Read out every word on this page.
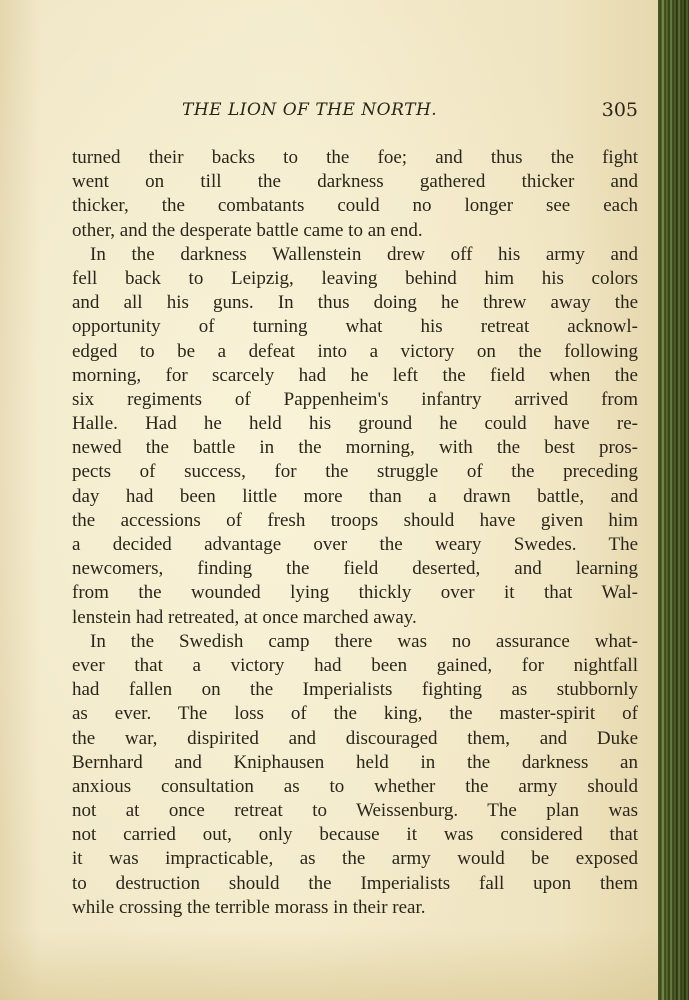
THE LION OF THE NORTH.	305
turned their backs to the foe; and thus the fight
went on till the darkness gathered thicker and
thicker, the combatants could no longer see each
other, and the desperate battle came to an end.
In the darkness Wallenstein drew off his army and
fell back to Leipzig, leaving behind him his colors
and all his guns. In thus doing he threw away the
opportunity of turning what his retreat acknowl-
edged to be a defeat into a victory on the following
morning, for scarcely had he left the field when the
six regiments of Pappenheim's infantry arrived from
Halle. Had he held his ground he could have re-
newed the battle in the morning, with the best pros-
pects of success, for the struggle of the preceding
day had been little more than a drawn battle, and
the accessions of fresh troops should have given him
a decided advantage over the weary Swedes. The
newcomers, finding the field deserted, and learning
from the wounded lying thickly over it that Wal-
lenstein had retreated, at once marched away.
In the Swedish camp there was no assurance what-
ever that a victory had been gained, for nightfall
had fallen on the Imperialists fighting as stubbornly
as ever. The loss of the king, the master-spirit of
the war, dispirited and discouraged them, and Duke
Bernhard and Kniphausen held in the darkness an
anxious consultation as to whether the army should
not at once retreat to Weissenburg. The plan was
not carried out, only because it was considered that
it was impracticable, as the army would be exposed
to destruction should the Imperialists fall upon them
while crossing the terrible morass in their rear.
